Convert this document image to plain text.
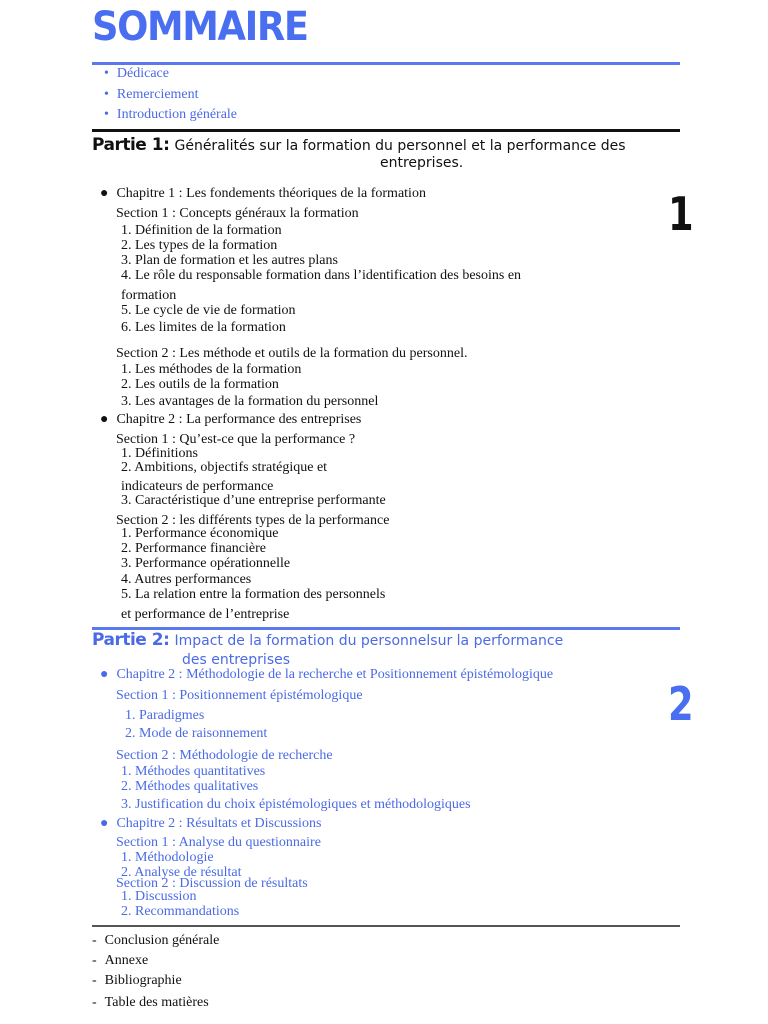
SOMMAIRE
• Dédicace
• Remerciement
• Introduction générale
Partie 1: Généralités sur la formation du personnel et la performance des
entreprises.
1
● Chapitre 1 : Les fondements théoriques de la formation
Section 1 : Concepts généraux la formation
1. Définition de la formation
2. Les types de la formation
3. Plan de formation et les autres plans
4. Le rôle du responsable formation dans l’identification des besoins en
formation
5. Le cycle de vie de formation
6. Les limites de la formation
Section 2 : Les méthode et outils de la formation du personnel.
1. Les méthodes de la formation
2. Les outils de la formation
3. Les avantages de la formation du personnel
● Chapitre 2 : La performance des entreprises
Section 1 : Qu’est-ce que la performance ?
1. Définitions
2. Ambitions, objectifs stratégique et
indicateurs de performance
3. Caractéristique d’une entreprise performante
Section 2 : les différents types de la performance
1. Performance économique
2. Performance financière
3. Performance opérationnelle
4. Autres performances
5. La relation entre la formation des personnels
et performance de l’entreprise
Partie 2: Impact de la formation du personnelsur la performance
des entreprises
2
● Chapitre 2 : Méthodologie de la recherche et Positionnement épistémologique
Section 1 : Positionnement épistémologique
1. Paradigmes
2. Mode de raisonnement
Section 2 : Méthodologie de recherche
1. Méthodes quantitatives
2. Méthodes qualitatives
3. Justification du choix épistémologiques et méthodologiques
● Chapitre 2 : Résultats et Discussions
Section 1 : Analyse du questionnaire
1. Méthodologie
2. Analyse de résultat
Section 2 : Discussion de résultats
1. Discussion
2. Recommandations
- Conclusion générale
- Annexe
- Bibliographie
- Table des matières
